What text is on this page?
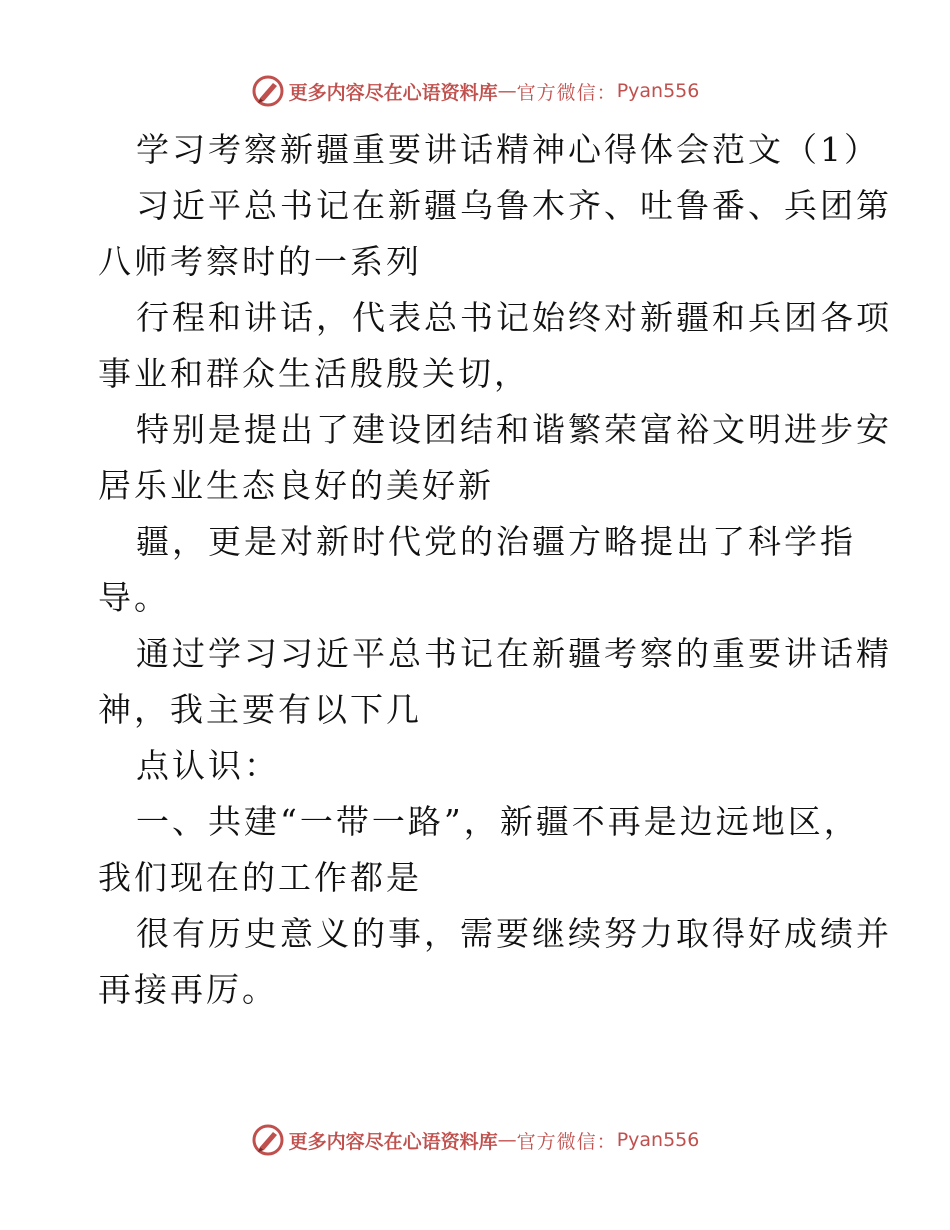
更多内容尽在心语资料库 — 官方微信： Pyan556

学习考察新疆重要讲话精神心得体会范文（1）

习近平总书记在新疆乌鲁木齐、吐鲁番、兵团第
八师考察时的一系列

行程和讲话，代表总书记始终对新疆和兵团各项
事业和群众生活殷殷关切，

特别是提出了建设团结和谐繁荣富裕文明进步安
居乐业生态良好的美好新

疆，更是对新时代党的治疆方略提出了科学指
导。

通过学习习近平总书记在新疆考察的重要讲话精
神，我主要有以下几

点认识：

一、共建“一带一路”，新疆不再是边远地区，
我们现在的工作都是

很有历史意义的事，需要继续努力取得好成绩并
再接再厉。

更多内容尽在心语资料库 — 官方微信： Pyan556
